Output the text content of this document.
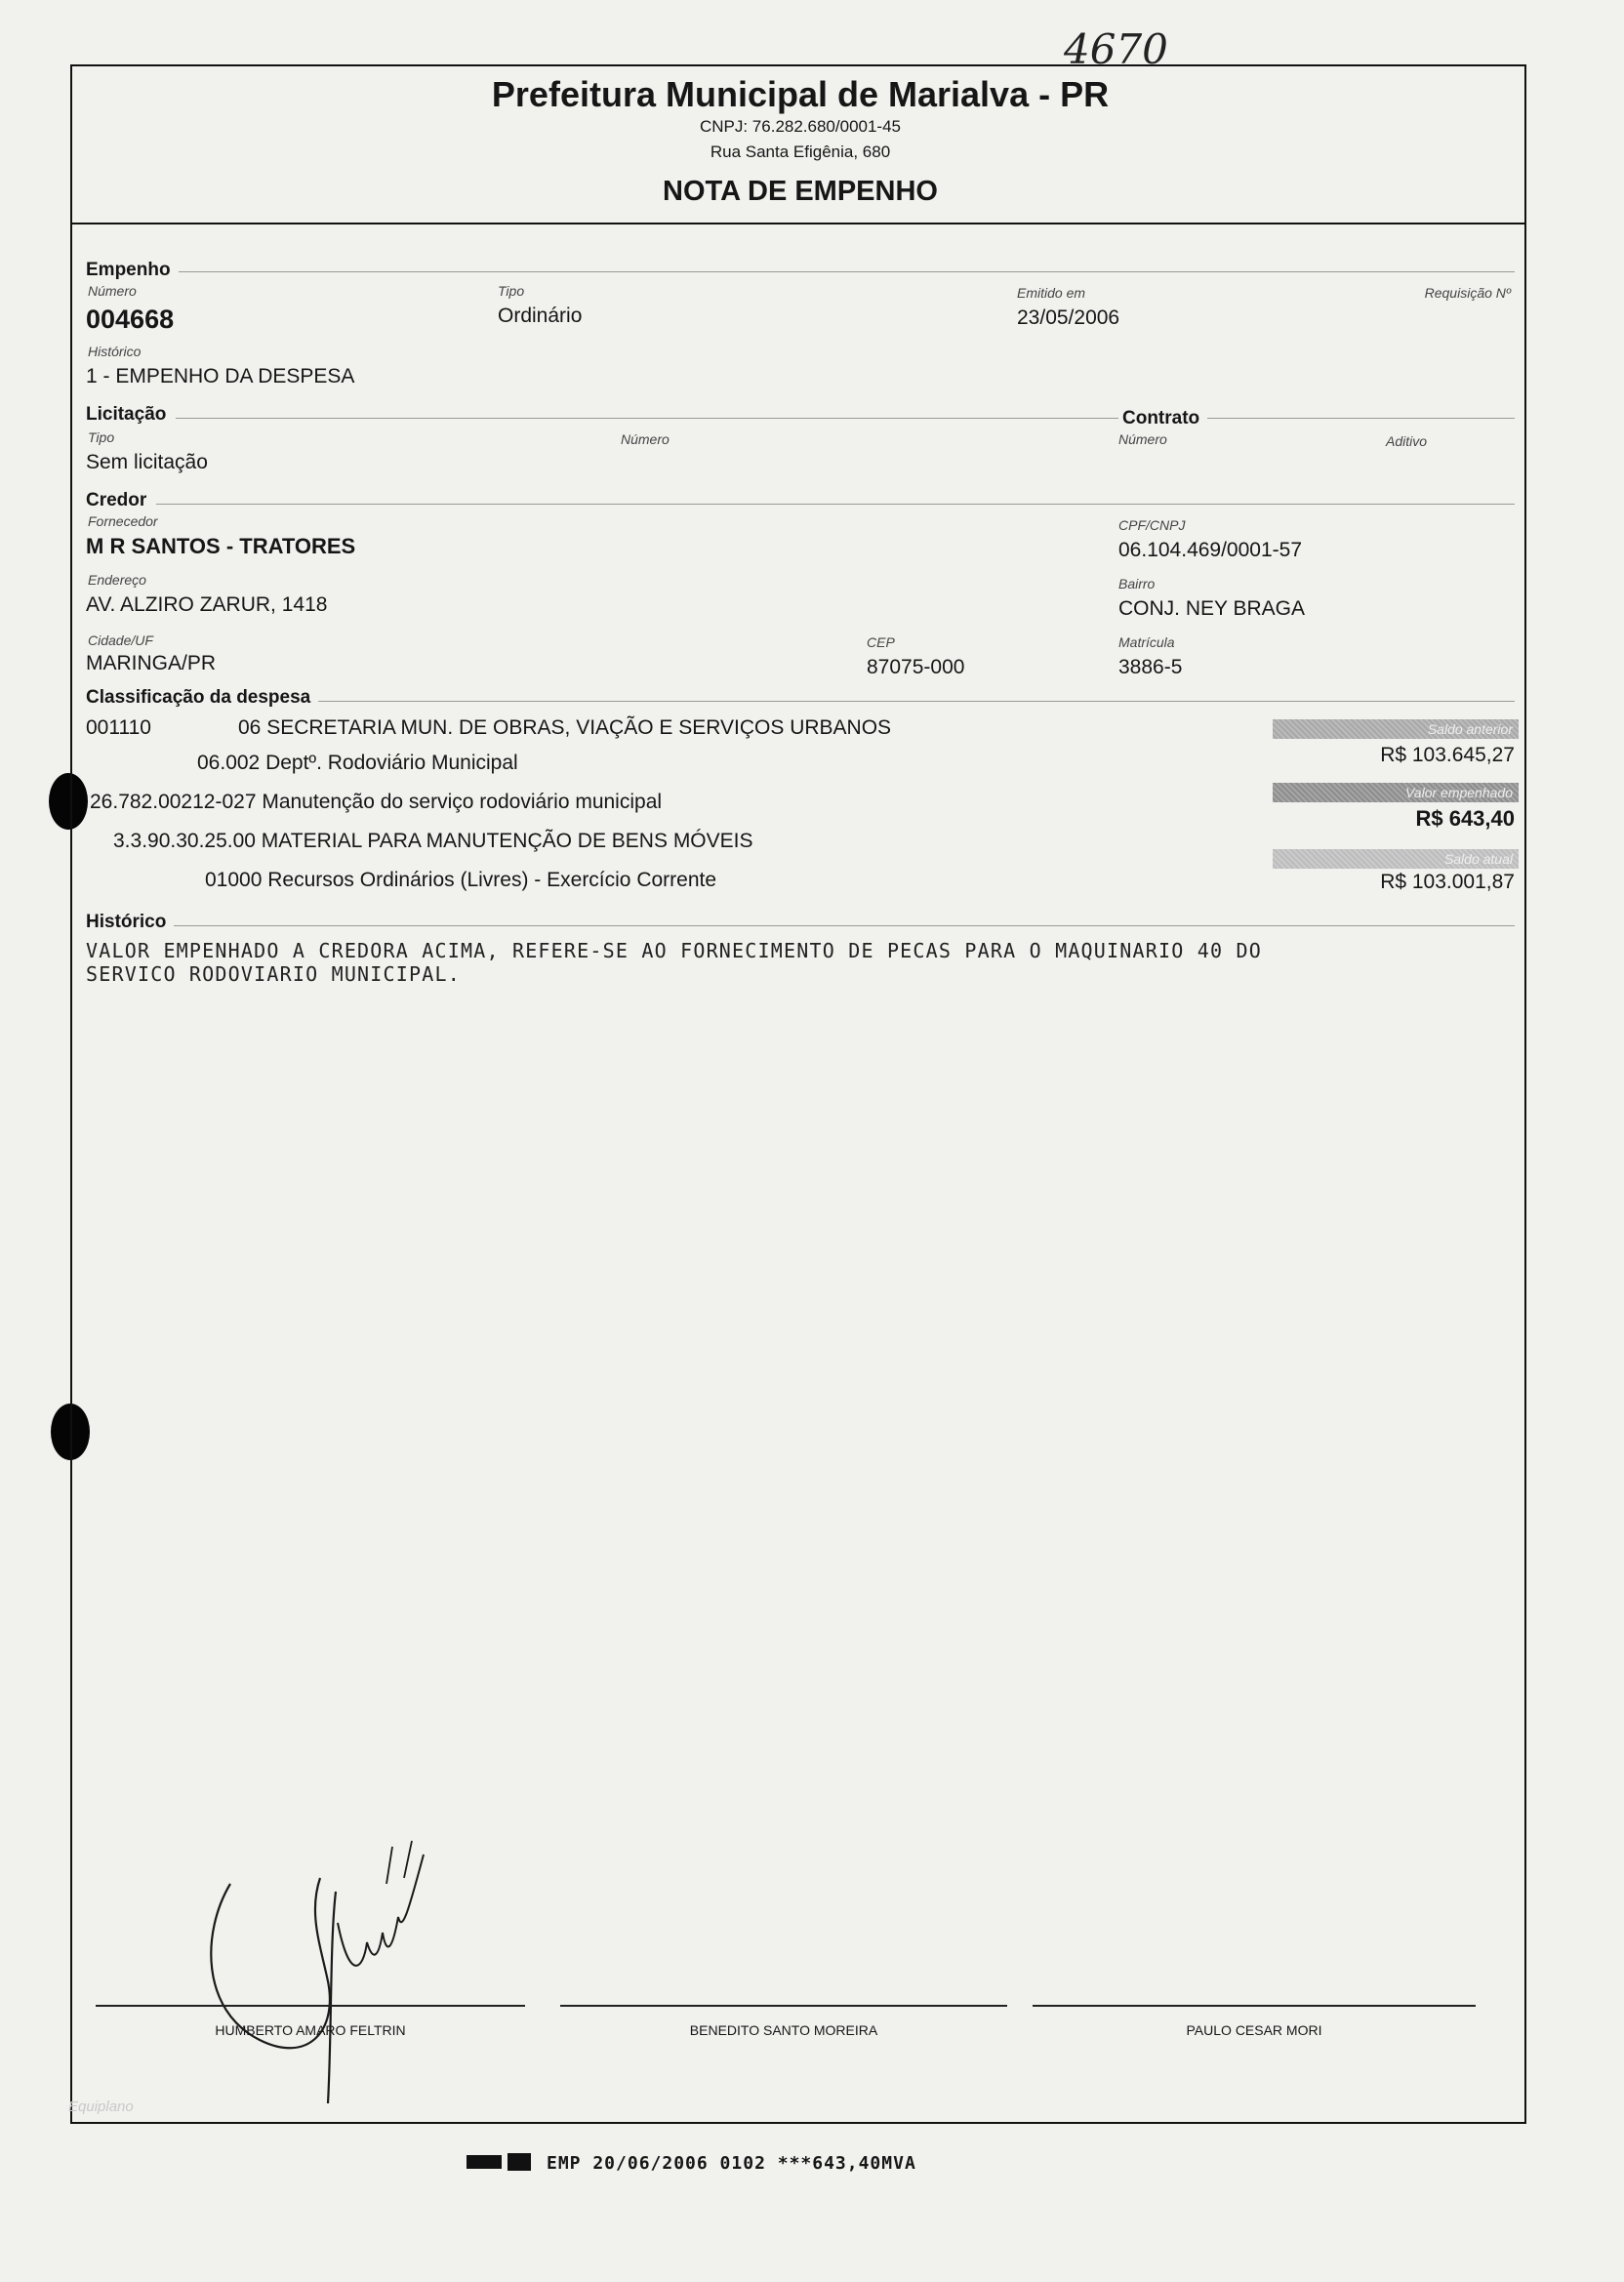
4670
Prefeitura Municipal de Marialva - PR
CNPJ: 76.282.680/0001-45
Rua Santa Efigênia, 680
NOTA DE EMPENHO
Empenho
Número
004668
Tipo
Ordinário
Emitido em
23/05/2006
Requisição Nº
Histórico
1 - EMPENHO DA DESPESA
Licitação	Contrato
Tipo
Sem licitação
Número	Número	Aditivo
Credor
Fornecedor
M R SANTOS - TRATORES
CPF/CNPJ
06.104.469/0001-57
Endereço
AV. ALZIRO ZARUR, 1418
Bairro
CONJ. NEY BRAGA
Cidade/UF
MARINGA/PR
CEP
87075-000
Matrícula
3886-5
Classificação da despesa
001110	06 SECRETARIA MUN. DE OBRAS, VIAÇÃO E SERVIÇOS URBANOS
06.002 Deptº. Rodoviário Municipal
26.782.00212-027 Manutenção do serviço rodoviário municipal
3.3.90.30.25.00 MATERIAL PARA MANUTENÇÃO DE BENS MÓVEIS
01000 Recursos Ordinários (Livres) - Exercício Corrente
Saldo anterior
R$ 103.645,27
Valor empenhado
R$ 643,40
Saldo atual
R$ 103.001,87
Histórico
VALOR EMPENHADO A CREDORA ACIMA, REFERE-SE AO FORNECIMENTO DE PECAS PARA O MAQUINARIO 40 DO
SERVICO RODOVIARIO MUNICIPAL.
HUMBERTO AMARO FELTRIN	BENEDITO SANTO MOREIRA	PAULO CESAR MORI
Equiplano
EMP 20/06/2006 0102 ***643,40MVA
